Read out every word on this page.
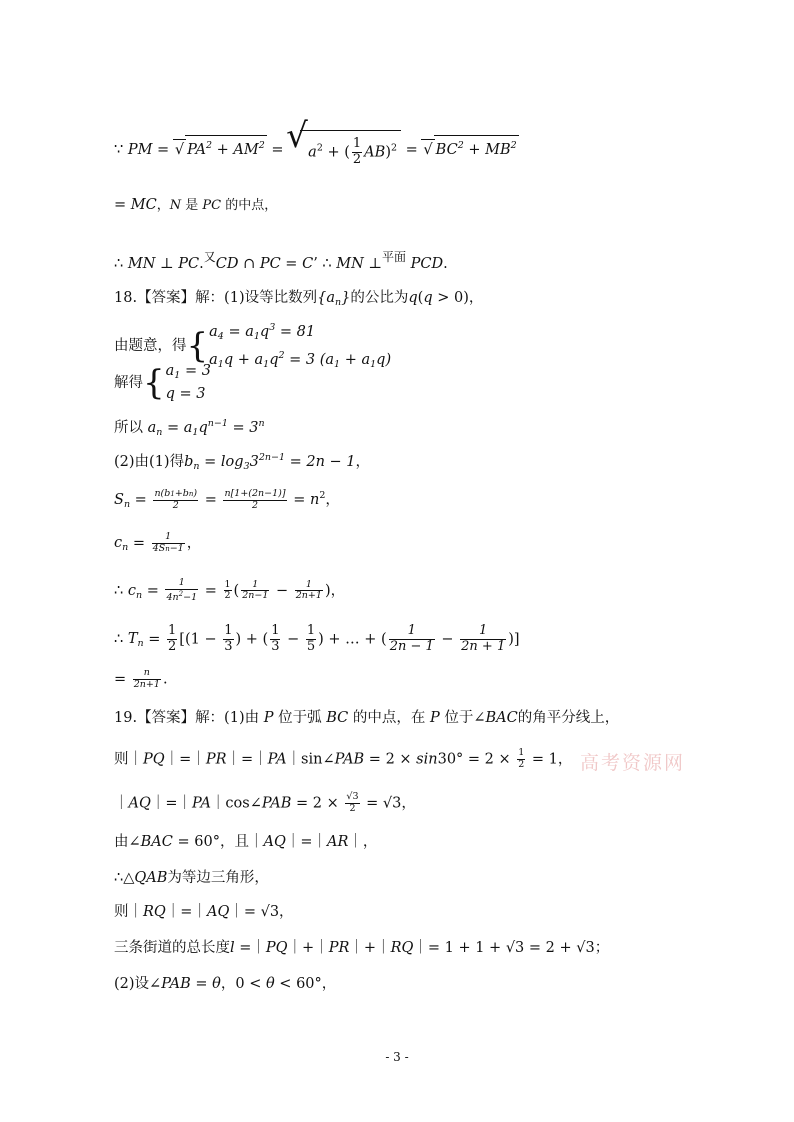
∵ PM = √ $PA^2 + AM^2$ =
√ $a^2$ + ( $\frac{1}{2} AB)^2$ = √ $BC^2 + MB^2$
= MC，N 是 PC 的中点，
∴ MN ⊥ PC.$^又$CD ∩ PC = C’ ∴ MN ⊥$^{平面}$ PCD.
18.【答案】解：(1)设等比数列$\{a_n\}$的公比为q(q > 0)，
由题意，得{ $a_4 = a_1q^3 = 81$
$a_1q + a_1q^2 = 3$ $(a_1 + a_1q)$
解得{ $a_1 = 3$
q = 3
所以 $a_n = a_1q^{n-1} = 3^n$
(2)由(1)得$b_n = \log_33^{2n-1} = 2n - 1$，
$S_n = \frac{n(b1+bn)}{2} = \frac{n[1+(2n-1)]}{2} = n^2$，
$c_n = \frac{1}{4Sn-1}$ ，
∴ $c_n = \frac{1}{4n^2-1} = \frac{1}{2}$ ( $\frac{1}{2n-1} - \frac{1}{2n+1}$ )，
∴ $T_n = \frac{1}{2} [(1 - \frac{1}{3}$ ) + ( $\frac{1}{3} - \frac{1}{5}$ ) + … + ( $\frac{1}{2n - 1} - \frac{1}{2n + 1}$ )]
= $\frac{n}{2n+1}$ .
19.【答案】解：(1)由 P 位于弧 BC 的中点，在 P 位于∠BAC的角平分线上，
则｜PQ｜=｜PR｜=｜PA｜sin∠PAB = $2 \times \sin 30^\circ = 2 \times \frac{1}{2} = 1$， 高考资源网
｜AQ｜=｜PA｜cos∠PAB = $2 \times \frac{√3}{2} = √3$，
由∠BAC = 60°，且｜AQ｜=｜AR｜，
∴△QAB为等边三角形，
则｜RQ｜=｜AQ｜= √3，
三条街道的总长度l =｜PQ｜+｜PR｜+｜RQ｜= 1 + 1 + √3 = 2 + √3；
(2)设∠PAB = θ，0 < θ < 60°，
- 3 -
